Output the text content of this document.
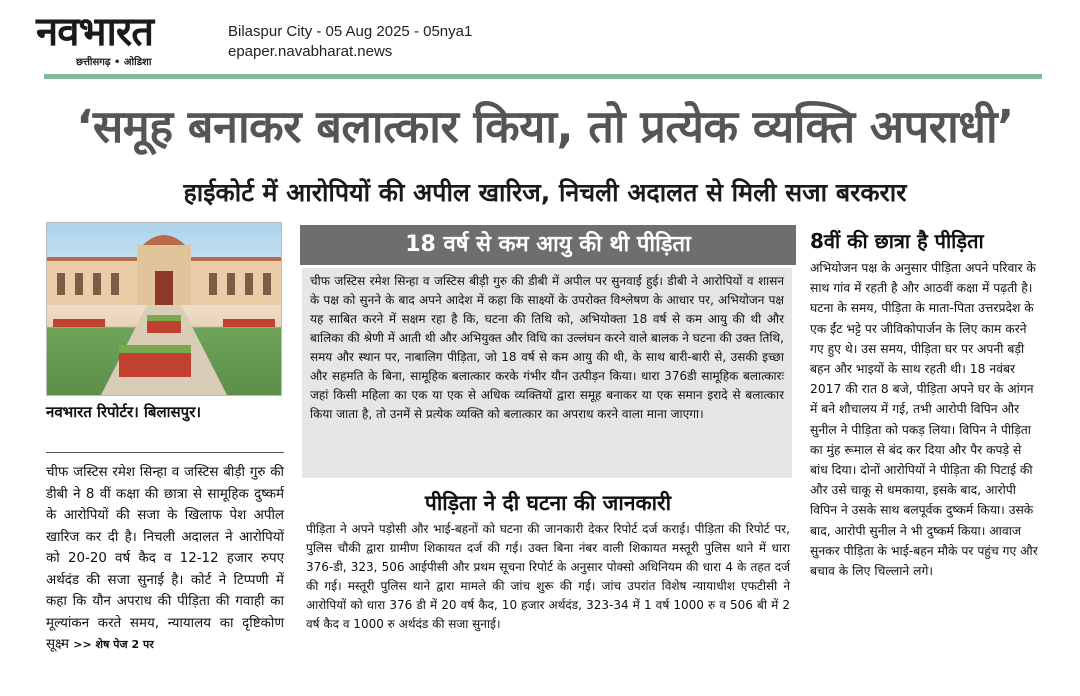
नवभारत
छत्तीसगढ़ • ओडिशा
Bilaspur City - 05 Aug 2025 - 05nya1
epaper.navabharat.news
‘समूह बनाकर बलात्कार किया, तो प्रत्येक व्यक्ति अपराधी’
हाईकोर्ट में आरोपियों की अपील खारिज, निचली अदालत से मिली सजा बरकरार
नवभारत रिपोर्टर। बिलासपुर।
चीफ जस्टिस रमेश सिन्हा व जस्टिस बीड़ी गुरु की डीबी ने 8 वीं कक्षा की छात्रा से सामूहिक दुष्कर्म के आरोपियों की सजा के खिलाफ पेश अपील खारिज कर दी है। निचली अदालत ने आरोपियों को 20-20 वर्ष कैद व 12-12 हजार रुपए अर्थदंड की सजा सुनाई है। कोर्ट ने टिप्पणी में कहा कि यौन अपराध की पीड़िता की गवाही का मूल्यांकन करते समय, न्यायालय का दृष्टिकोण सूक्ष्म >> शेष पेज 2 पर
18 वर्ष से कम आयु की थी पीड़िता
चीफ जस्टिस रमेश सिन्हा व जस्टिस बीड़ी गुरु की डीबी में अपील पर सुनवाई हुई। डीबी ने आरोपियों व शासन के पक्ष को सुनने के बाद अपने आदेश में कहा कि साक्ष्यों के उपरोक्त विश्लेषण के आधार पर, अभियोजन पक्ष यह साबित करने में सक्षम रहा है कि, घटना की तिथि को, अभियोक्ता 18 वर्ष से कम आयु की थी और बालिका की श्रेणी में आती थी और अभियुक्त और विधि का उल्लंघन करने वाले बालक ने घटना की उक्त तिथि, समय और स्थान पर, नाबालिग पीड़िता, जो 18 वर्ष से कम आयु की थी, के साथ बारी-बारी से, उसकी इच्छा और सहमति के बिना, सामूहिक बलात्कार करके गंभीर यौन उत्पीड़न किया। धारा 376डी सामूहिक बलात्कारः जहां किसी महिला का एक या एक से अधिक व्यक्तियों द्वारा समूह बनाकर या एक समान इरादे से बलात्कार किया जाता है, तो उनमें से प्रत्येक व्यक्ति को बलात्कार का अपराध करने वाला माना जाएगा।
पीड़िता ने दी घटना की जानकारी
पीड़िता ने अपने पड़ोसी और भाई-बहनों को घटना की जानकारी देकर रिपोर्ट दर्ज कराई। पीड़िता की रिपोर्ट पर, पुलिस चौकी द्वारा ग्रामीण शिकायत दर्ज की गई। उक्त बिना नंबर वाली शिकायत मस्तूरी पुलिस थाने में धारा 376-डी, 323, 506 आईपीसी और प्रथम सूचना रिपोर्ट के अनुसार पोक्सो अधिनियम की धारा 4 के तहत दर्ज की गई। मस्तूरी पुलिस थाने द्वारा मामले की जांच शुरू की गई। जांच उपरांत विशेष न्यायाधीश एफटीसी ने आरोपियों को धारा 376 डी में 20 वर्ष कैद, 10 हजार अर्थदंड, 323-34 में 1 वर्ष 1000 रु व 506 बी में 2 वर्ष कैद व 1000 रु अर्थदंड की सजा सुनाई।
8वीं की छात्रा है पीड़िता
अभियोजन पक्ष के अनुसार पीड़िता अपने परिवार के साथ गांव में रहती है और आठवीं कक्षा में पढ़ती है। घटना के समय, पीड़िता के माता-पिता उत्तरप्रदेश के एक ईंट भट्टे पर जीविकोपार्जन के लिए काम करने गए हुए थे। उस समय, पीड़िता घर पर अपनी बड़ी बहन और भाइयों के साथ रहती थी। 18 नवंबर 2017 की रात 8 बजे, पीड़िता अपने घर के आंगन में बने शौचालय में गई, तभी आरोपी विपिन और सुनील ने पीड़िता को पकड़ लिया। विपिन ने पीड़िता का मुंह रूमाल से बंद कर दिया और पैर कपड़े से बांध दिया। दोनों आरोपियों ने पीड़िता की पिटाई की और उसे चाकू से धमकाया, इसके बाद, आरोपी विपिन ने उसके साथ बलपूर्वक दुष्कर्म किया। उसके बाद, आरोपी सुनील ने भी दुष्कर्म किया। आवाज सुनकर पीड़िता के भाई-बहन मौके पर पहुंच गए और बचाव के लिए चिल्लाने लगे।
